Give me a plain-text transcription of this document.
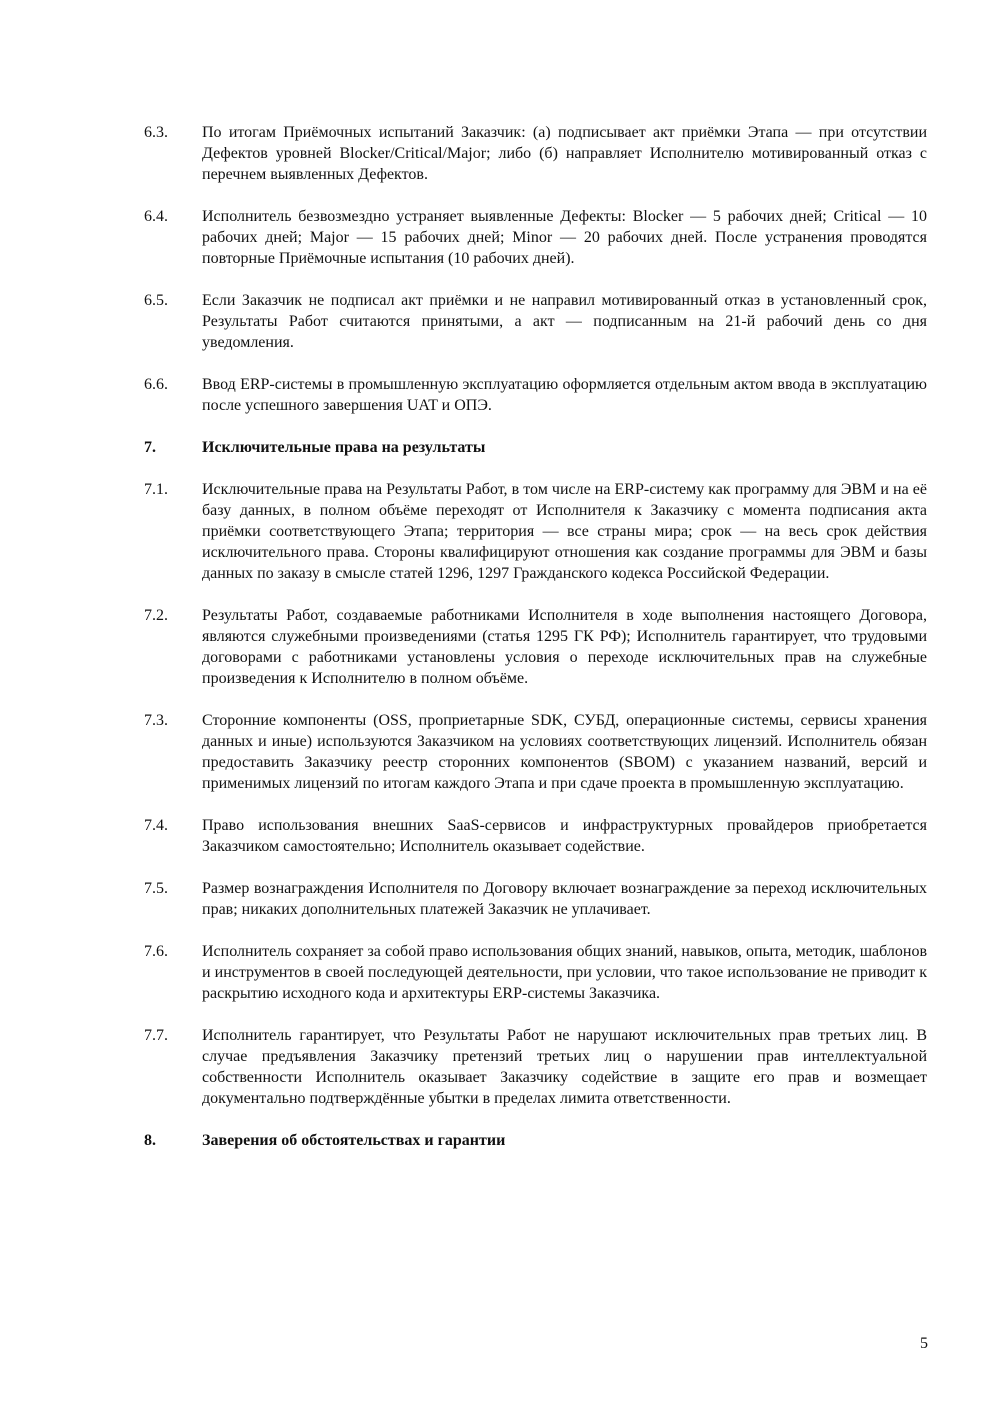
6.3.	По итогам Приёмочных испытаний Заказчик: (а) подписывает акт приёмки Этапа — при отсутствии Дефектов уровней Blocker/Critical/Major; либо (б) направляет Исполнителю мотивированный отказ с перечнем выявленных Дефектов.
6.4.	Исполнитель безвозмездно устраняет выявленные Дефекты: Blocker — 5 рабочих дней; Critical — 10 рабочих дней; Major — 15 рабочих дней; Minor — 20 рабочих дней. После устранения проводятся повторные Приёмочные испытания (10 рабочих дней).
6.5.	Если Заказчик не подписал акт приёмки и не направил мотивированный отказ в установленный срок, Результаты Работ считаются принятыми, а акт — подписанным на 21-й рабочий день со дня уведомления.
6.6.	Ввод ERP-системы в промышленную эксплуатацию оформляется отдельным актом ввода в эксплуатацию после успешного завершения UAT и ОПЭ.
7.	Исключительные права на результаты
7.1.	Исключительные права на Результаты Работ, в том числе на ERP-систему как программу для ЭВМ и на её базу данных, в полном объёме переходят от Исполнителя к Заказчику с момента подписания акта приёмки соответствующего Этапа; территория — все страны мира; срок — на весь срок действия исключительного права. Стороны квалифицируют отношения как создание программы для ЭВМ и базы данных по заказу в смысле статей 1296, 1297 Гражданского кодекса Российской Федерации.
7.2.	Результаты Работ, создаваемые работниками Исполнителя в ходе выполнения настоящего Договора, являются служебными произведениями (статья 1295 ГК РФ); Исполнитель гарантирует, что трудовыми договорами с работниками установлены условия о переходе исключительных прав на служебные произведения к Исполнителю в полном объёме.
7.3.	Сторонние компоненты (OSS, проприетарные SDK, СУБД, операционные системы, сервисы хранения данных и иные) используются Заказчиком на условиях соответствующих лицензий. Исполнитель обязан предоставить Заказчику реестр сторонних компонентов (SBOM) с указанием названий, версий и применимых лицензий по итогам каждого Этапа и при сдаче проекта в промышленную эксплуатацию.
7.4.	Право использования внешних SaaS-сервисов и инфраструктурных провайдеров приобретается Заказчиком самостоятельно; Исполнитель оказывает содействие.
7.5.	Размер вознаграждения Исполнителя по Договору включает вознаграждение за переход исключительных прав; никаких дополнительных платежей Заказчик не уплачивает.
7.6.	Исполнитель сохраняет за собой право использования общих знаний, навыков, опыта, методик, шаблонов и инструментов в своей последующей деятельности, при условии, что такое использование не приводит к раскрытию исходного кода и архитектуры ERP-системы Заказчика.
7.7.	Исполнитель гарантирует, что Результаты Работ не нарушают исключительных прав третьих лиц. В случае предъявления Заказчику претензий третьих лиц о нарушении прав интеллектуальной собственности Исполнитель оказывает Заказчику содействие в защите его прав и возмещает документально подтверждённые убытки в пределах лимита ответственности.
8.	Заверения об обстоятельствах и гарантии
5
